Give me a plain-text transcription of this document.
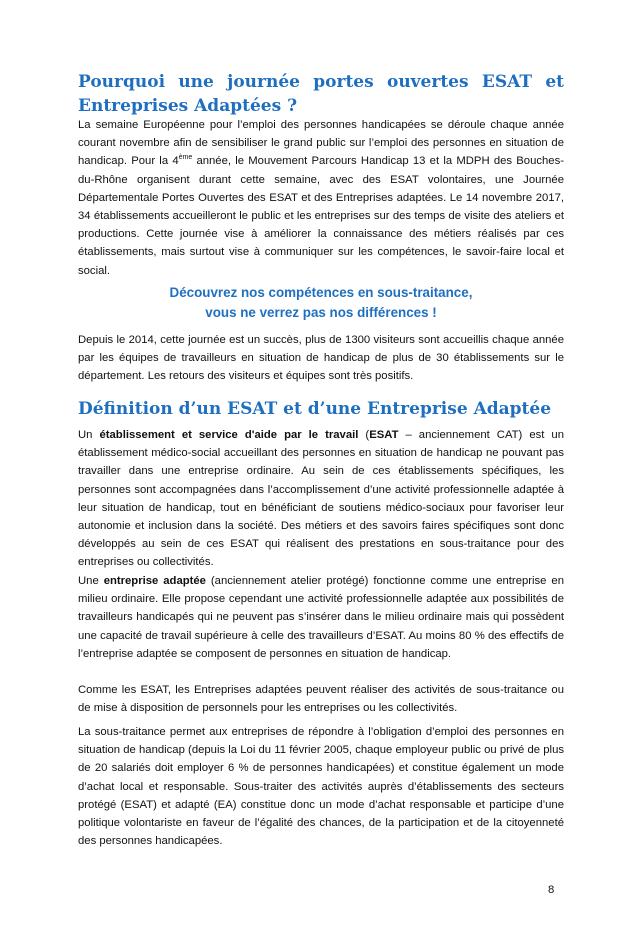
Pourquoi une journée portes ouvertes ESAT et
Entreprises Adaptées ?

La semaine Européenne pour l’emploi des personnes handicapées se déroule chaque année courant novembre afin de sensibiliser le grand public sur l’emploi des personnes en situation de handicap. Pour la 4ème année, le Mouvement Parcours Handicap 13 et la MDPH des Bouches-du-Rhône organisent durant cette semaine, avec des ESAT volontaires, une Journée Départementale Portes Ouvertes des ESAT et des Entreprises adaptées. Le 14 novembre 2017, 34 établissements accueilleront le public et les entreprises sur des temps de visite des ateliers et productions. Cette journée vise à améliorer la connaissance des métiers réalisés par ces établissements, mais surtout vise à communiquer sur les compétences, le savoir-faire local et social.

Découvrez nos compétences en sous-traitance,
vous ne verrez pas nos différences !

Depuis le 2014, cette journée est un succès, plus de 1300 visiteurs sont accueillis chaque année par les équipes de travailleurs en situation de handicap de plus de 30 établissements sur le département. Les retours des visiteurs et équipes sont très positifs.

Définition d’un ESAT et d’une Entreprise Adaptée

Un établissement et service d'aide par le travail (ESAT – anciennement CAT) est un établissement médico-social accueillant des personnes en situation de handicap ne pouvant pas travailler dans une entreprise ordinaire. Au sein de ces établissements spécifiques, les personnes sont accompagnées dans l’accomplissement d’une activité professionnelle adaptée à leur situation de handicap, tout en bénéficiant de soutiens médico-sociaux pour favoriser leur autonomie et inclusion dans la société. Des métiers et des savoirs faires spécifiques sont donc développés au sein de ces ESAT qui réalisent des prestations en sous-traitance pour des entreprises ou collectivités.

Une entreprise adaptée (anciennement atelier protégé) fonctionne comme une entreprise en milieu ordinaire. Elle propose cependant une activité professionnelle adaptée aux possibilités de travailleurs handicapés qui ne peuvent pas s’insérer dans le milieu ordinaire mais qui possèdent une capacité de travail supérieure à celle des travailleurs d’ESAT. Au moins 80 % des effectifs de l’entreprise adaptée se composent de personnes en situation de handicap.

Comme les ESAT, les Entreprises adaptées peuvent réaliser des activités de sous-traitance ou de mise à disposition de personnels pour les entreprises ou les collectivités.

La sous-traitance permet aux entreprises de répondre à l’obligation d’emploi des personnes en situation de handicap (depuis la Loi du 11 février 2005, chaque employeur public ou privé de plus de 20 salariés doit employer 6 % de personnes handicapées) et constitue également un mode d’achat local et responsable. Sous-traiter des activités auprès d’établissements des secteurs protégé (ESAT) et adapté (EA) constitue donc un mode d’achat responsable et participe d’une politique volontariste en faveur de l’égalité des chances, de la participation et de la citoyenneté des personnes handicapées.

8
